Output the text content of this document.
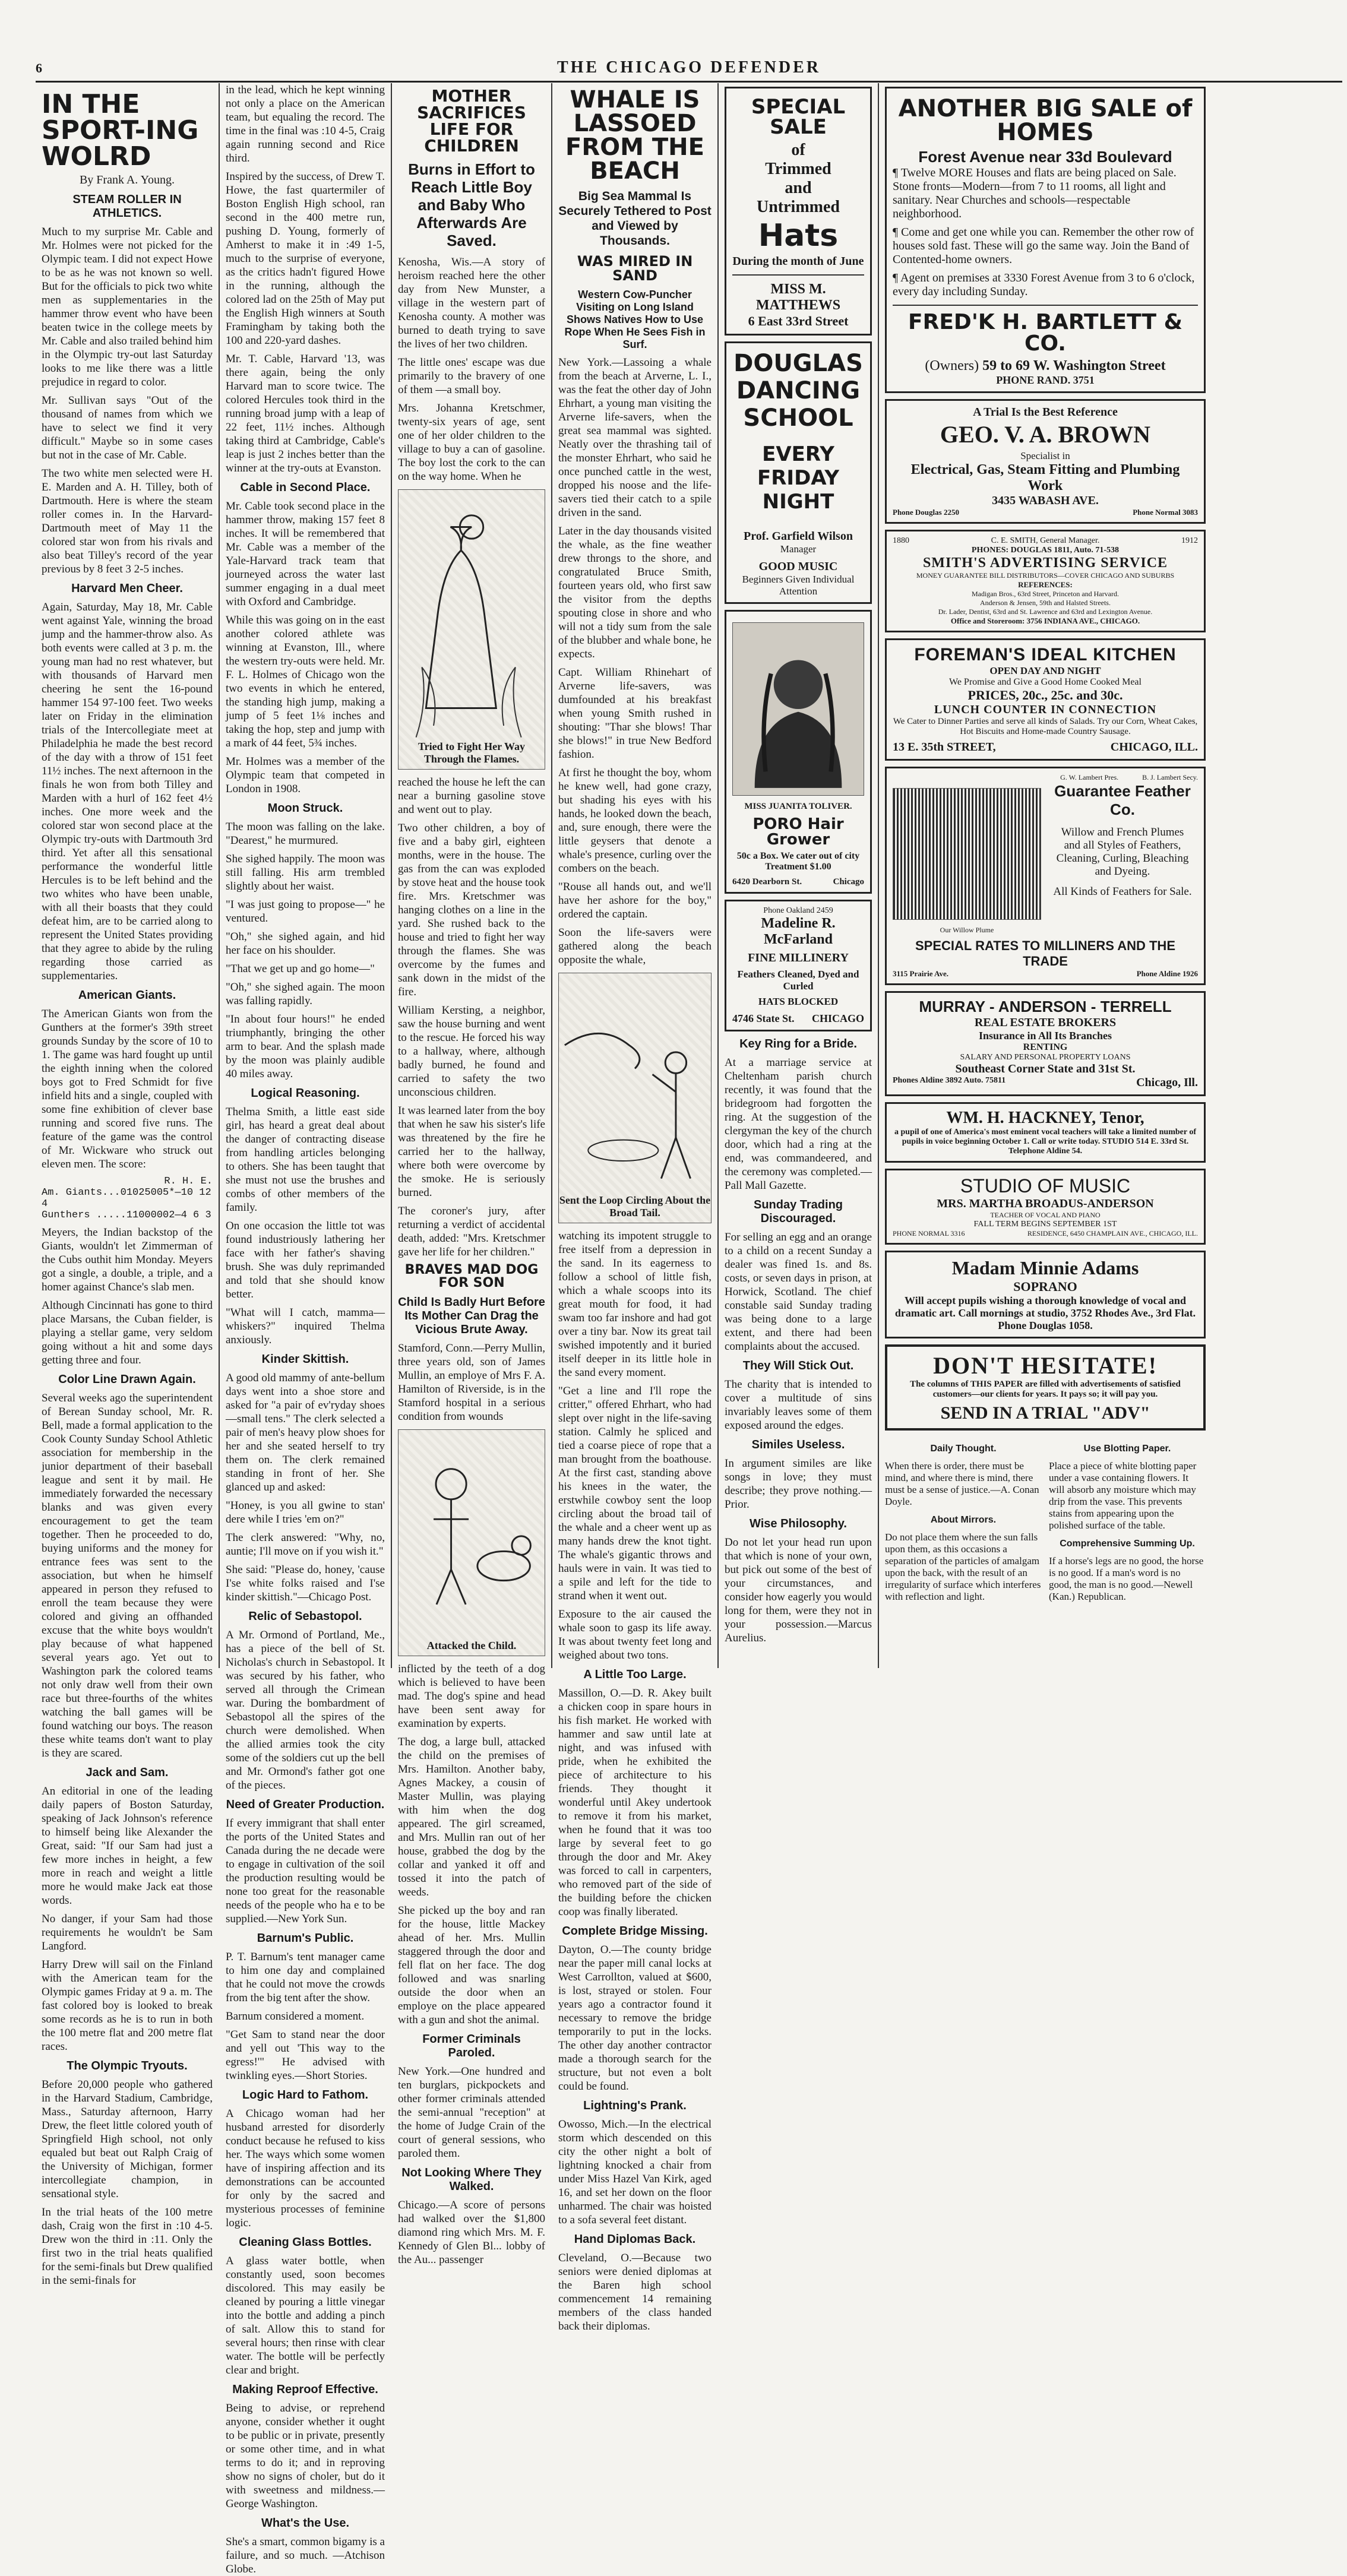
6	THE CHICAGO DEFENDER
IN THE SPORT-ING WOLRD
By Frank A. Young.
STEAM ROLLER IN ATHLETICS.

Much to my surprise Mr. Cable and Mr. Holmes were not picked for the Olympic team. I did not expect Howe to be as he was not known so well. But for the officials to pick two white men as supplementaries in the hammer throw event who have been beaten twice in the college meets by Mr. Cable and also trailed behind him in the Olympic try-out last Saturday looks to me like there was a little prejudice in regard to color.

Mr. Sullivan says "Out of the thousand of names from which we have to select we find it very difficult." Maybe so in some cases but not in the case of Mr. Cable.

The two white men selected were H. E. Marden and A. H. Tilley, both of Dartmouth. Here is where the steam roller comes in. In the Harvard-Dartmouth meet of May 11 the colored star won from his rivals and also beat Tilley's record of the year previous by 8 feet 3 2-5 inches.

Harvard Men Cheer.

Again, Saturday, May 18, Mr. Cable went against Yale, winning the broad jump and the hammer-throw also. As both events were called at 3 p. m. the young man had no rest whatever, but with thousands of Harvard men cheering he sent the 16-pound hammer 154 97-100 feet. Two weeks later on Friday in the elimination trials of the Intercollegiate meet at Philadelphia he made the best record of the day with a throw of 151 feet 11½ inches. The next afternoon in the finals he won from both Tilley and Marden with a hurl of 162 feet 4½ inches. One more week and the colored star won second place at the Olympic try-outs with Dartmouth 3rd third. Yet after all this sensational performance the wonderful little Hercules is to be left behind and the two whites who have been unable, with all their boasts that they could defeat him, are to be carried along to represent the United States providing that they agree to abide by the ruling regarding those carried as supplementaries.

American Giants.

The American Giants won from the Gunthers at the former's 39th street grounds Sunday by the score of 10 to 1. The game was hard fought up until the eighth inning when the colored boys got to Fred Schmidt for five infield hits and a single, coupled with some fine exhibition of clever base running and scored five runs. The feature of the game was the control of Mr. Wickware who struck out eleven men. The score:

R. H. E.
Am. Giants...01025005*—10 12 4
Gunthers .....11000002—4 6 3

Meyers, the Indian backstop of the Giants, wouldn't let Zimmerman of the Cubs outhit him Monday. Meyers got a single, a double, a triple, and a homer against Chance's slab men.

Although Cincinnati has gone to third place Marsans, the Cuban fielder, is playing a stellar game, very seldom going without a hit and some days getting three and four.

Color Line Drawn Again.

Several weeks ago the superintendent of Berean Sunday school, Mr. R. Bell, made a formal application to the Cook County Sunday School Athletic association for membership in the junior department of their baseball league and sent it by mail. He immediately forwarded the necessary blanks and was given every encouragement to get the team together. Then he proceeded to do, buying uniforms and the money for entrance fees was sent to the association, but when he himself appeared in person they refused to enroll the team because they were colored and giving an offhanded excuse that the white boys wouldn't play because of what happened several years ago. Yet out to Washington park the colored teams not only draw well from their own race but three-fourths of the whites watching the ball games will be found watching our boys. The reason these white teams don't want to play is they are scared.

Jack and Sam.

An editorial in one of the leading daily papers of Boston Saturday, speaking of Jack Johnson's reference to himself being like Alexander the Great, said: "If our Sam had just a few more inches in height, a few more in reach and weight a little more he would make Jack eat those words.

No danger, if your Sam had those requirements he wouldn't be Sam Langford.

Harry Drew will sail on the Finland with the American team for the Olympic games Friday at 9 a. m. The fast colored boy is looked to break some records as he is to run in both the 100 metre flat and 200 metre flat races.

The Olympic Tryouts.

Before 20,000 people who gathered in the Harvard Stadium, Cambridge, Mass., Saturday afternoon, Harry Drew, the fleet little colored youth of Springfield High school, not only equaled but beat out Ralph Craig of the University of Michigan, former intercollegiate champion, in sensational style.

In the trial heats of the 100 metre dash, Craig won the first in :10 4-5. Drew won the third in :11. Only the first two in the trial heats qualified for the semi-finals but Drew qualified in the semi-finals for

in the lead, which he kept winning not only a place on the American team, but equaling the record. The time in the final was :10 4-5, Craig again running second and Rice third.

Inspired by the success, of Drew T. Howe, the fast quartermiler of Boston English High school, ran second in the 400 metre run, pushing D. Young, formerly of Amherst to make it in :49 1-5, much to the surprise of everyone, as the critics hadn't figured Howe in the running, although the colored lad on the 25th of May put the English High winners at South Framingham by taking both the 100 and 220-yard dashes.

Mr. T. Cable, Harvard '13, was there again, being the only Harvard man to score twice. The colored Hercules took third in the running broad jump with a leap of 22 feet, 11½ inches. Although taking third at Cambridge, Cable's leap is just 2 inches better than the winner at the try-outs at Evanston.

Cable in Second Place.

Mr. Cable took second place in the hammer throw, making 157 feet 8 inches. It will be remembered that Mr. Cable was a member of the Yale-Harvard track team that journeyed across the water last summer engaging in a dual meet with Oxford and Cambridge.

While this was going on in the east another colored athlete was winning at Evanston, Ill., where the western try-outs were held. Mr. F. L. Holmes of Chicago won the two events in which he entered, the standing high jump, making a jump of 5 feet 1⅛ inches and taking the hop, step and jump with a mark of 44 feet, 5¾ inches.

Mr. Holmes was a member of the Olympic team that competed in London in 1908.

Moon Struck.

The moon was falling on the lake. "Dearest," he murmured.

She sighed happily. The moon was still falling. His arm trembled slightly about her waist.

"I was just going to propose—" he ventured.

"Oh," she sighed again, and hid her face on his shoulder.

"That we get up and go home—"

"Oh," she sighed again. The moon was falling rapidly.

"In about four hours!" he ended triumphantly, bringing the other arm to bear. And the splash made by the moon was plainly audible 40 miles away.

Logical Reasoning.

Thelma Smith, a little east side girl, has heard a great deal about the danger of contracting disease from handling articles belonging to others. She has been taught that she must not use the brushes and combs of other members of the family.

On one occasion the little tot was found industriously lathering her face with her father's shaving brush. She was duly reprimanded and told that she should know better.

"What will I catch, mamma—whiskers?" inquired Thelma anxiously.

Kinder Skittish.

A good old mammy of ante-bellum days went into a shoe store and asked for "a pair of ev'ryday shoes—small tens." The clerk selected a pair of men's heavy plow shoes for her and she seated herself to try them on. The clerk remained standing in front of her. She glanced up and asked:

"Honey, is you all gwine to stan' dere while I tries 'em on?"

The clerk answered: "Why, no, auntie; I'll move on if you wish it."

She said: "Please do, honey, 'cause I'se white folks raised and I'se kinder skittish."—Chicago Post.

Relic of Sebastopol.

A Mr. Ormond of Portland, Me., has a piece of the bell of St. Nicholas's church in Sebastopol. It was secured by his father, who served all through the Crimean war. During the bombardment of Sebastopol all the spires of the church were demolished. When the allied armies took the city some of the soldiers cut up the bell and Mr. Ormond's father got one of the pieces.

Need of Greater Production.

If every immigrant that shall enter the ports of the United States and Canada during the ne decade were to engage in cultivation of the soil the production resulting would be none too great for the reasonable needs of the people who ha e to be supplied.—New York Sun.

Barnum's Public.

P. T. Barnum's tent manager came to him one day and complained that he could not move the crowds from the big tent after the show.

Barnum considered a moment.

"Get Sam to stand near the door and yell out 'This way to the egress!'" He advised with twinkling eyes.—Short Stories.

Logic Hard to Fathom.

A Chicago woman had her husband arrested for disorderly conduct because he refused to kiss her. The ways which some women have of inspiring affection and its demonstrations can be accounted for only by the sacred and mysterious processes of feminine logic.

Cleaning Glass Bottles.

A glass water bottle, when constantly used, soon becomes discolored. This may easily be cleaned by pouring a little vinegar into the bottle and adding a pinch of salt. Allow this to stand for several hours; then rinse with clear water. The bottle will be perfectly clear and bright.

Making Reproof Effective.

Being to advise, or reprehend anyone, consider whether it ought to be public or in private, presently or some other time, and in what terms to do it; and in reproving show no signs of choler, but do it with sweetness and mildness.—George Washington.

What's the Use.

She's a smart, common bigamy is a failure, and so much. —Atchison Globe.

MOTHER SACRIFICES LIFE FOR CHILDREN
Burns in Effort to Reach Little Boy and Baby Who Afterwards Are Saved.

Kenosha, Wis.—A story of heroism reached here the other day from New Munster, a village in the western part of Kenosha county. A mother was burned to death trying to save the lives of her two children.

The little ones' escape was due primarily to the bravery of one of them —a small boy.

Mrs. Johanna Kretschmer, twenty-six years of age, sent one of her older children to the village to buy a can of gasoline. The boy lost the cork to the can on the way home. When he

Tried to Fight Her Way Through the Flames.

reached the house he left the can near a burning gasoline stove and went out to play.

Two other children, a boy of five and a baby girl, eighteen months, were in the house. The gas from the can was exploded by stove heat and the house took fire. Mrs. Kretschmer was hanging clothes on a line in the yard. She rushed back to the house and tried to fight her way through the flames. She was overcome by the fumes and sank down in the midst of the fire.

William Kersting, a neighbor, saw the house burning and went to the rescue. He forced his way to a hallway, where, although badly burned, he found and carried to safety the two unconscious children.

It was learned later from the boy that when he saw his sister's life was threatened by the fire he carried her to the hallway, where both were overcome by the smoke. He is seriously burned.

The coroner's jury, after returning a verdict of accidental death, added: "Mrs. Kretschmer gave her life for her children."

BRAVES MAD DOG FOR SON
Child Is Badly Hurt Before Its Mother Can Drag the Vicious Brute Away.

Stamford, Conn.—Perry Mullin, three years old, son of James Mullin, an employe of Mrs F. A. Hamilton of Riverside, is in the Stamford hospital in a serious condition from wounds

Attacked the Child.

inflicted by the teeth of a dog which is believed to have been mad. The dog's spine and head have been sent away for examination by experts.

The dog, a large bull, attacked the child on the premises of Mrs. Hamilton. Another baby, Agnes Mackey, a cousin of Master Mullin, was playing with him when the dog appeared. The girl screamed, and Mrs. Mullin ran out of her house, grabbed the dog by the collar and yanked it off and tossed it into the patch of weeds.

She picked up the boy and ran for the house, little Mackey ahead of her. Mrs. Mullin staggered through the door and fell flat on her face. The dog followed and was snarling outside the door when an employe on the place appeared with a gun and shot the animal.

Former Criminals Paroled.

New York.—One hundred and ten burglars, pickpockets and other former criminals attended the semi-annual "reception" at the home of Judge Crain of the court of general sessions, who paroled them.

Not Looking Where They Walked.

Chicago.—A score of persons had walked over the $1,800 diamond ring which Mrs. M. F. Kennedy of Glen Bl... lobby of the Au... passenger

WHALE IS LASSOED FROM THE BEACH
Big Sea Mammal Is Securely Tethered to Post and Viewed by Thousands.
WAS MIRED IN SAND
Western Cow-Puncher Visiting on Long Island Shows Natives How to Use Rope When He Sees Fish in Surf.

New York.—Lassoing a whale from the beach at Arverne, L. I., was the feat the other day of John Ehrhart, a young man visiting the Arverne life-savers, when the great sea mammal was sighted. Neatly over the thrashing tail of the monster Ehrhart, who said he once punched cattle in the west, dropped his noose and the life-savers tied their catch to a spile driven in the sand.

Later in the day thousands visited the whale, as the fine weather drew throngs to the shore, and congratulated Bruce Smith, fourteen years old, who first saw the visitor from the depths spouting close in shore and who will not a tidy sum from the sale of the blubber and whale bone, he expects.

Capt. William Rhinehart of Arverne life-savers, was dumfounded at his breakfast when young Smith rushed in shouting: "Thar she blows! Thar she blows!" in true New Bedford fashion.

At first he thought the boy, whom he knew well, had gone crazy, but shading his eyes with his hands, he looked down the beach, and, sure enough, there were the little geysers that denote a whale's presence, curling over the combers on the beach.

"Rouse all hands out, and we'll have her ashore for the boy," ordered the captain.

Soon the life-savers were gathered along the beach opposite the whale,

Sent the Loop Circling About the Broad Tail.

watching its impotent struggle to free itself from a depression in the sand. In its eagerness to follow a school of little fish, which a whale scoops into its great mouth for food, it had swam too far inshore and had got over a tiny bar. Now its great tail swished impotently and it buried itself deeper in its little hole in the sand every moment.

"Get a line and I'll rope the critter," offered Ehrhart, who had slept over night in the life-saving station. Calmly he spliced and tied a coarse piece of rope that a man brought from the boathouse. At the first cast, standing above his knees in the water, the erstwhile cowboy sent the loop circling about the broad tail of the whale and a cheer went up as many hands drew the knot tight. The whale's gigantic throws and hauls were in vain. It was tied to a spile and left for the tide to strand when it went out.

Exposure to the air caused the whale soon to gasp its life away. It was about twenty feet long and weighed about two tons.

A Little Too Large.

Massillon, O.—D. R. Akey built a chicken coop in spare hours in his fish market. He worked with hammer and saw until late at night, and was infused with pride, when he exhibited the piece of architecture to his friends. They thought it wonderful until Akey undertook to remove it from his market, when he found that it was too large by several feet to go through the door and Mr. Akey was forced to call in carpenters, who removed part of the side of the building before the chicken coop was finally liberated.

Complete Bridge Missing.

Dayton, O.—The county bridge near the paper mill canal locks at West Carrollton, valued at $600, is lost, strayed or stolen. Four years ago a contractor found it necessary to remove the bridge temporarily to put in the locks. The other day another contractor made a thorough search for the structure, but not even a bolt could be found.

Lightning's Prank.

Owosso, Mich.—In the electrical storm which descended on this city the other night a bolt of lightning knocked a chair from under Miss Hazel Van Kirk, aged 16, and set her down on the floor unharmed. The chair was hoisted to a sofa several feet distant.

Hand Diplomas Back.

Cleveland, O.—Because two seniors were denied diplomas at the Baren high school commencement 14 remaining members of the class handed back their diplomas.

SPECIAL SALE
of
Trimmed
and
Untrimmed
Hats
During the month of June
MISS M. MATTHEWS
6 East 33rd Street
DOUGLAS
DANCING
SCHOOL
EVERY
FRIDAY
NIGHT
Prof. Garfield Wilson
Manager
GOOD MUSIC
Beginners Given Individual Attention
MISS JUANITA TOLIVER.
PORO Hair Grower
50c a Box. We cater out of city Treatment $1.00
6420 Dearborn St.	Chicago
Phone Oakland 2459
Madeline R. McFarland
FINE MILLINERY
Feathers Cleaned, Dyed and Curled
HATS BLOCKED
4746 State St. CHICAGO
Key Ring for a Bride.

At a marriage service at Cheltenham parish church recently, it was found that the bridegroom had forgotten the ring. At the suggestion of the clergyman the key of the church door, which had a ring at the end, was commandeered, and the ceremony was completed.—Pall Mall Gazette.

Sunday Trading Discouraged.

For selling an egg and an orange to a child on a recent Sunday a dealer was fined 1s. and 8s. costs, or seven days in prison, at Horwick, Scotland. The chief constable said Sunday trading was being done to a large extent, and there had been complaints about the accused.

They Will Stick Out.

The charity that is intended to cover a multitude of sins invariably leaves some of them exposed around the edges.

Similes Useless.

In argument similes are like songs in love; they must describe; they prove nothing.—Prior.

Wise Philosophy.

Do not let your head run upon that which is none of your own, but pick out some of the best of your circumstances, and consider how eagerly you would long for them, were they not in your possession.—Marcus Aurelius.

ANOTHER BIG SALE of HOMES
Forest Avenue near 33d Boulevard

¶ Twelve MORE Houses and flats are being placed on Sale. Stone fronts—Modern—from 7 to 11 rooms, all light and sanitary. Near Churches and schools—respectable neighborhood.

¶ Come and get one while you can. Remember the other row of houses sold fast. These will go the same way. Join the Band of Contented-home owners.

¶ Agent on premises at 3330 Forest Avenue from 3 to 6 o'clock, every day including Sunday.

FRED'K H. BARTLETT & CO.
(Owners) 59 to 69 W. Washington Street
PHONE RAND. 3751
A Trial Is the Best Reference
GEO. V. A. BROWN
Specialist in
Electrical, Gas, Steam Fitting and Plumbing Work
3435 WABASH AVE.
Phone Douglas 2250	Phone Normal 3083
1880	C. E. SMITH, General Manager.	1912
PHONES: DOUGLAS 1811, Auto. 71-538
SMITH'S ADVERTISING SERVICE
MONEY GUARANTEE BILL DISTRIBUTORS—COVER CHICAGO AND SUBURBS
REFERENCES:
Madigan Bros., 63rd Street, Princeton and Harvard.
Anderson & Jensen, 59th and Halsted Streets.
Dr. Lader, Dentist, 63rd and St. Lawrence and 63rd and Lexington Avenue.
Office and Storeroom: 3756 INDIANA AVE., CHICAGO.
FOREMAN'S IDEAL KITCHEN
OPEN DAY AND NIGHT
We Promise and Give a Good Home Cooked Meal
PRICES, 20c., 25c. and 30c.
LUNCH COUNTER IN CONNECTION
We Cater to Dinner Parties and serve all kinds of Salads. Try our Corn, Wheat Cakes, Hot Biscuits and Home-made Country Sausage.
13 E. 35th STREET,	CHICAGO, ILL.
G. W. Lambert Pres.	B. J. Lambert Secy.
Our Willow Plume
Guarantee Feather Co.
Willow and French Plumes
and all Styles of Feathers, Cleaning, Curling, Bleaching and Dyeing.
All Kinds of Feathers for Sale.
SPECIAL RATES TO MILLINERS AND THE TRADE
3115 Prairie Ave.	Phone Aldine 1926
MURRAY - ANDERSON - TERRELL
REAL ESTATE BROKERS
Insurance in All Its Branches
RENTING
SALARY AND PERSONAL PROPERTY LOANS
Southeast Corner State and 31st St.
Phones Aldine 3892 Auto. 75811	Chicago, Ill.
WM. H. HACKNEY, Tenor,
a pupil of one of America's most eminent vocal teachers will take a limited number of pupils in voice beginning October 1. Call or write today. STUDIO 514 E. 33rd St. Telephone Aldine 54.
STUDIO OF MUSIC
MRS. MARTHA BROADUS-ANDERSON
TEACHER OF VOCAL AND PIANO
FALL TERM BEGINS SEPTEMBER 1ST
PHONE NORMAL 3316	RESIDENCE, 6450 CHAMPLAIN AVE., CHICAGO, ILL.
Madam Minnie Adams
SOPRANO
Will accept pupils wishing a thorough knowledge of vocal and dramatic art. Call mornings at studio, 3752 Rhodes Ave., 3rd Flat. Phone Douglas 1058.
DON'T HESITATE!
The columns of THIS PAPER are filled with advertisements of satisfied customers—our clients for years. It pays so; it will pay you.
SEND IN A TRIAL "ADV"
Daily Thought.
When there is order, there must be mind, and where there is mind, there must be a sense of justice.—A. Conan Doyle.
About Mirrors.
Do not place them where the sun falls upon them, as this occasions a separation of the particles of amalgam upon the back, with the result of an irregularity of surface which interferes with reflection and light.
Use Blotting Paper.
Place a piece of white blotting paper under a vase containing flowers. It will absorb any moisture which may drip from the vase. This prevents stains from appearing upon the polished surface of the table.
Comprehensive Summing Up.
If a horse's legs are no good, the horse is no good. If a man's word is no good, the man is no good.—Newell (Kan.) Republican.
